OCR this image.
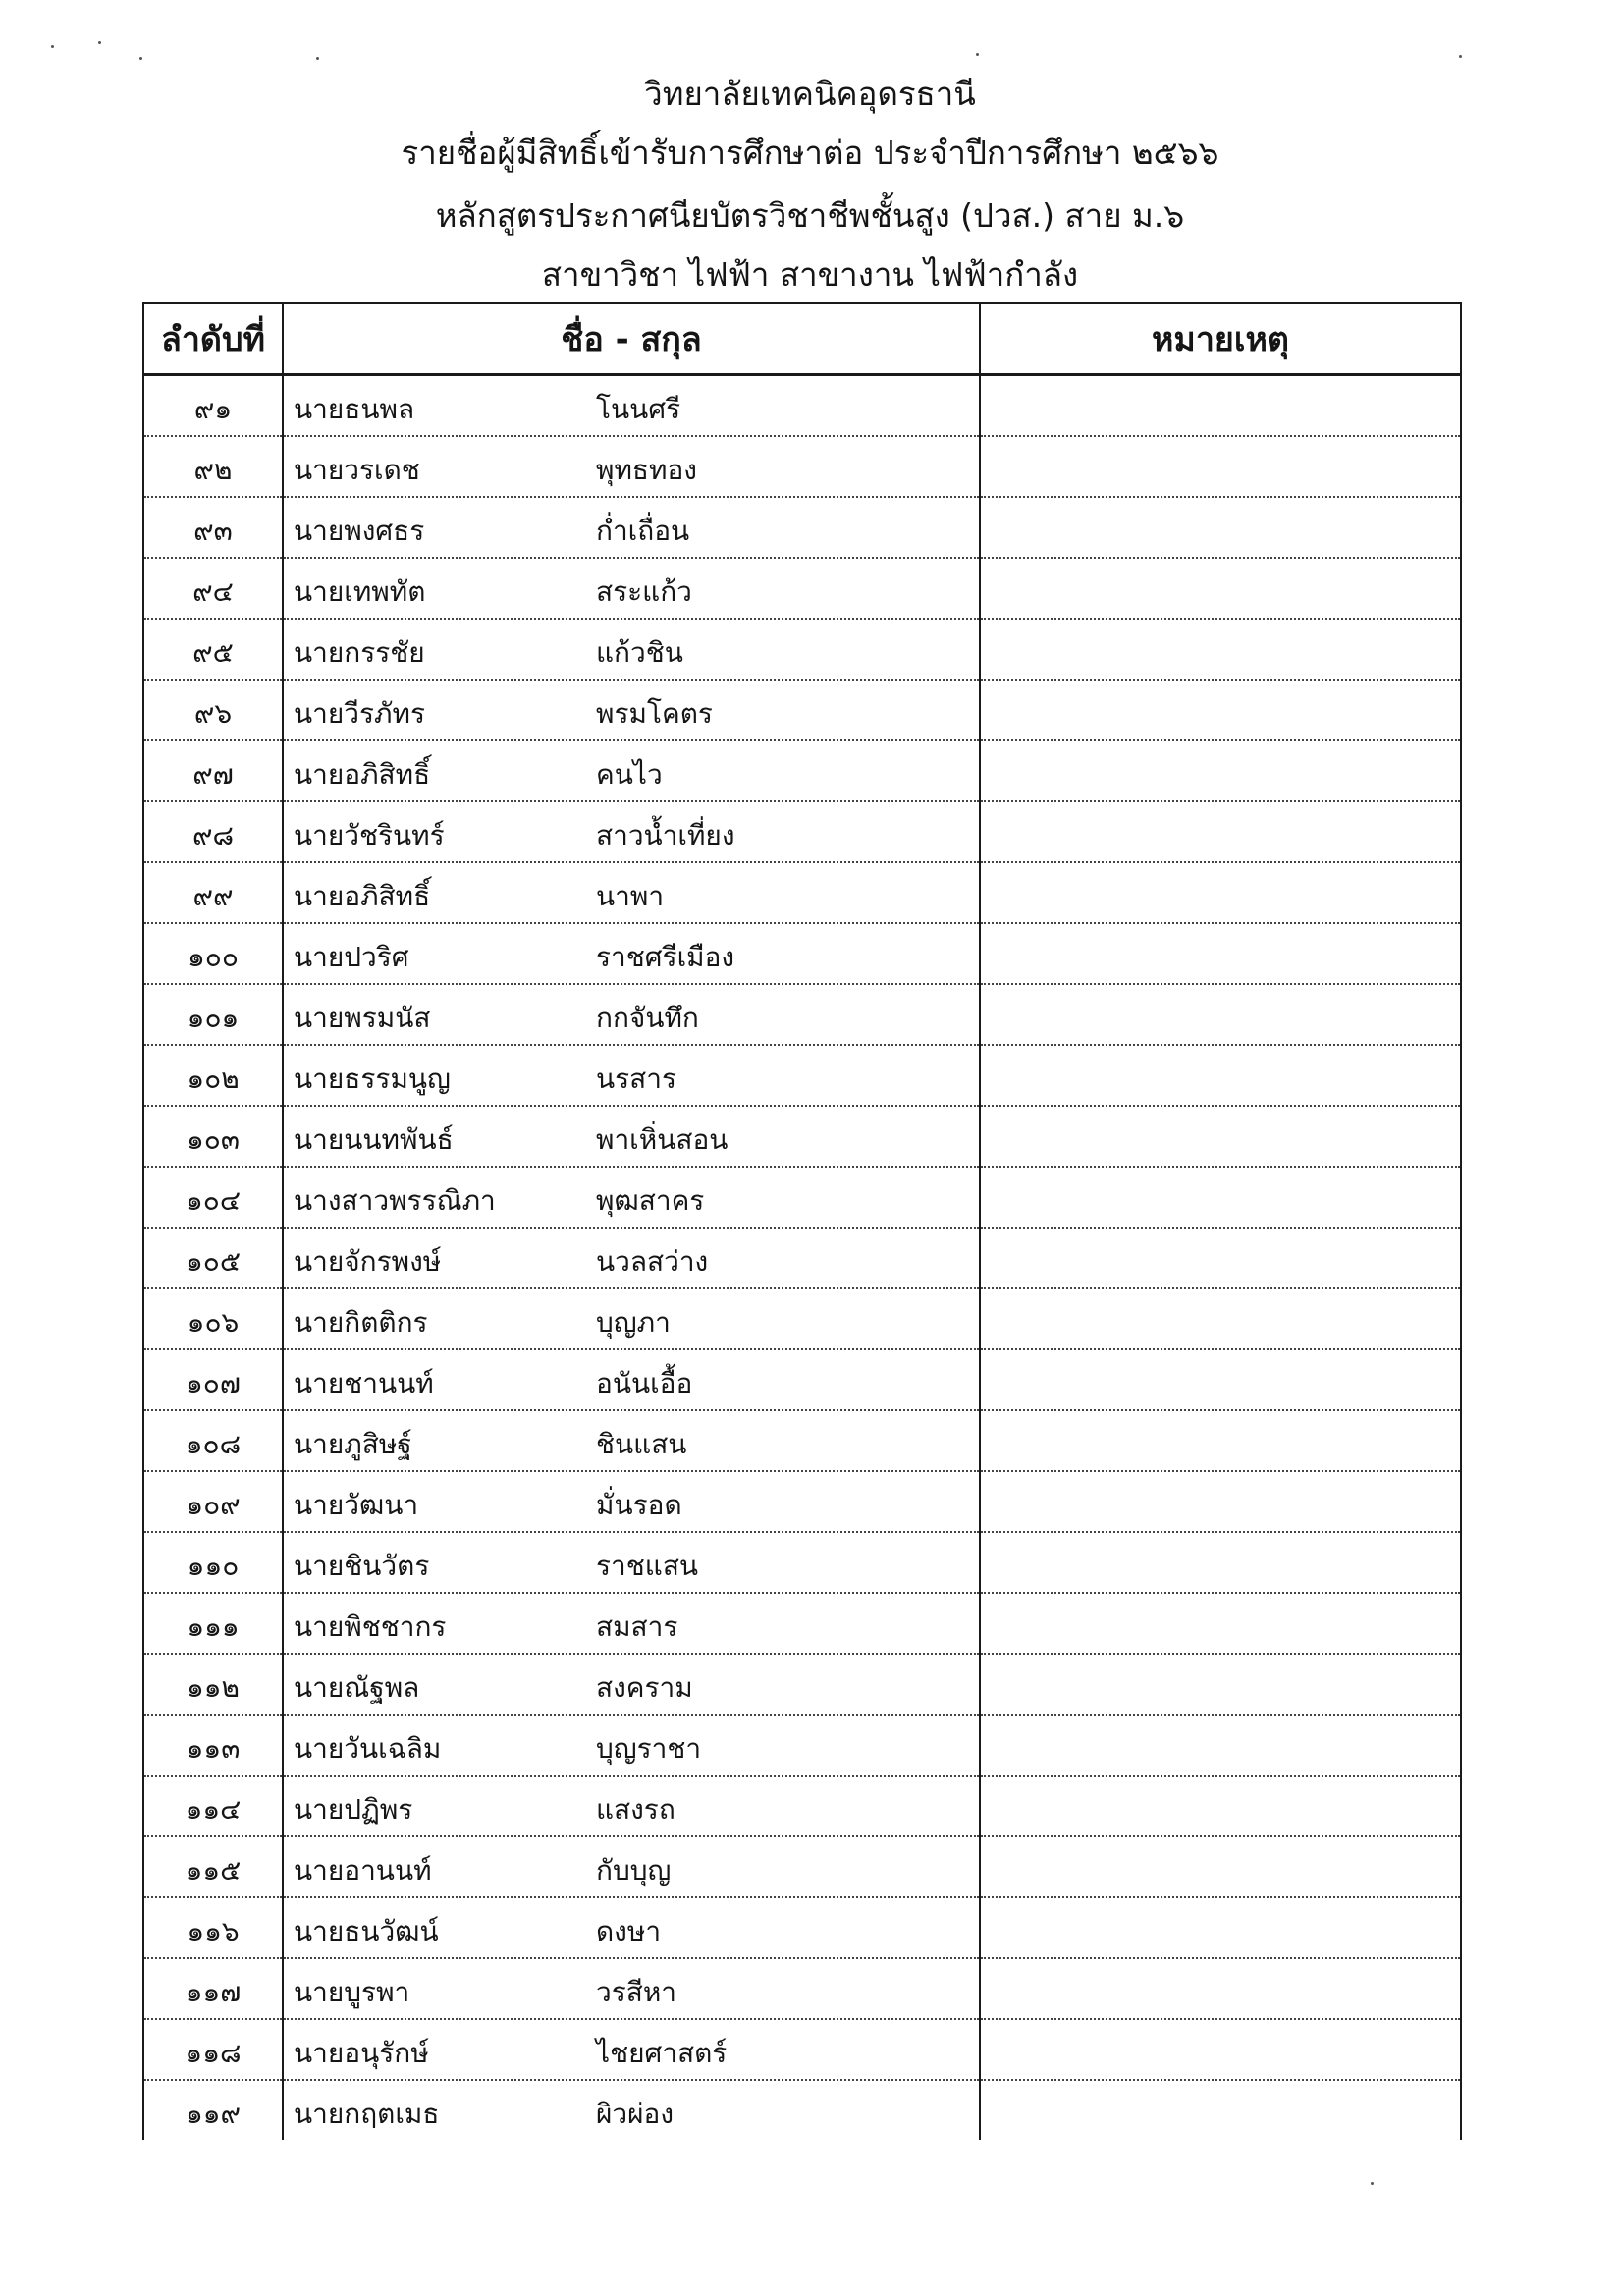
วิทยาลัยเทคนิคอุดรธานี
รายชื่อผู้มีสิทธิ์เข้ารับการศึกษาต่อ ประจำปีการศึกษา ๒๕๖๖
หลักสูตรประกาศนียบัตรวิชาชีพชั้นสูง (ปวส.) สาย ม.๖
สาขาวิชา ไฟฟ้า สาขางาน ไฟฟ้ากำลัง
ลำดับที่	ชื่อ - สกุล	หมายเหตุ
๙๑	นายธนพล โนนศรี	

๙๒	นายวรเดช พุทธทอง	

๙๓	นายพงศธร ก่ำเถื่อน	

๙๔	นายเทพทัต สระแก้ว	

๙๕	นายกรรชัย แก้วชิน	

๙๖	นายวีรภัทร พรมโคตร	

๙๗	นายอภิสิทธิ์ คนไว	

๙๘	นายวัชรินทร์ สาวน้ำเที่ยง	

๙๙	นายอภิสิทธิ์ นาพา	

๑๐๐	นายปวริศ ราชศรีเมือง	

๑๐๑	นายพรมนัส กกจันทึก	

๑๐๒	นายธรรมนูญ นรสาร	

๑๐๓	นายนนทพันธ์ พาเหิ่นสอน	

๑๐๔	นางสาวพรรณิภา พุฒสาคร	

๑๐๕	นายจักรพงษ์ นวลสว่าง	

๑๐๖	นายกิตติกร บุญภา	

๑๐๗	นายชานนท์ อนันเอื้อ	

๑๐๘	นายภูสิษฐ์ ชินแสน	

๑๐๙	นายวัฒนา มั่นรอด	

๑๑๐	นายชินวัตร ราชแสน	

๑๑๑	นายพิชชากร สมสาร	

๑๑๒	นายณัฐพล สงคราม	

๑๑๓	นายวันเฉลิม บุญราชา	

๑๑๔	นายปฏิพร แสงรถ	

๑๑๕	นายอานนท์ กับบุญ	

๑๑๖	นายธนวัฒน์ ดงษา	

๑๑๗	นายบูรพา วรสีหา	

๑๑๘	นายอนุรักษ์ ไชยศาสตร์	

๑๑๙	นายกฤตเมธ ผิวผ่อง	
